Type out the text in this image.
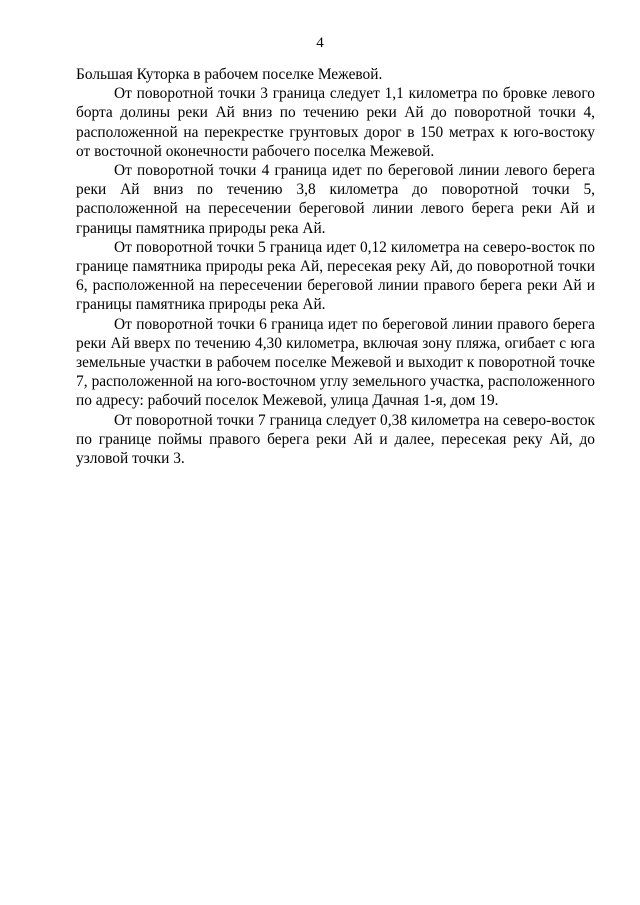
4

Большая Куторка в рабочем поселке Межевой.

От поворотной точки 3 граница следует 1,1 километра по бровке левого борта долины реки Ай вниз по течению реки Ай до поворотной точки 4, расположенной на перекрестке грунтовых дорог в 150 метрах к юго-востоку от восточной оконечности рабочего поселка Межевой.

От поворотной точки 4 граница идет по береговой линии левого берега реки Ай вниз по течению 3,8 километра до поворотной точки 5, расположенной на пересечении береговой линии левого берега реки Ай и границы памятника природы река Ай.

От поворотной точки 5 граница идет 0,12 километра на северо-восток по границе памятника природы река Ай, пересекая реку Ай, до поворотной точки 6, расположенной на пересечении береговой линии правого берега реки Ай и границы памятника природы река Ай.

От поворотной точки 6 граница идет по береговой линии правого берега реки Ай вверх по течению 4,30 километра, включая зону пляжа, огибает с юга земельные участки в рабочем поселке Межевой и выходит к поворотной точке 7, расположенной на юго-восточном углу земельного участка, расположенного по адресу: рабочий поселок Межевой, улица Дачная 1-я, дом 19.

От поворотной точки 7 граница следует 0,38 километра на северо-восток по границе поймы правого берега реки Ай и далее, пересекая реку Ай, до узловой точки 3.
